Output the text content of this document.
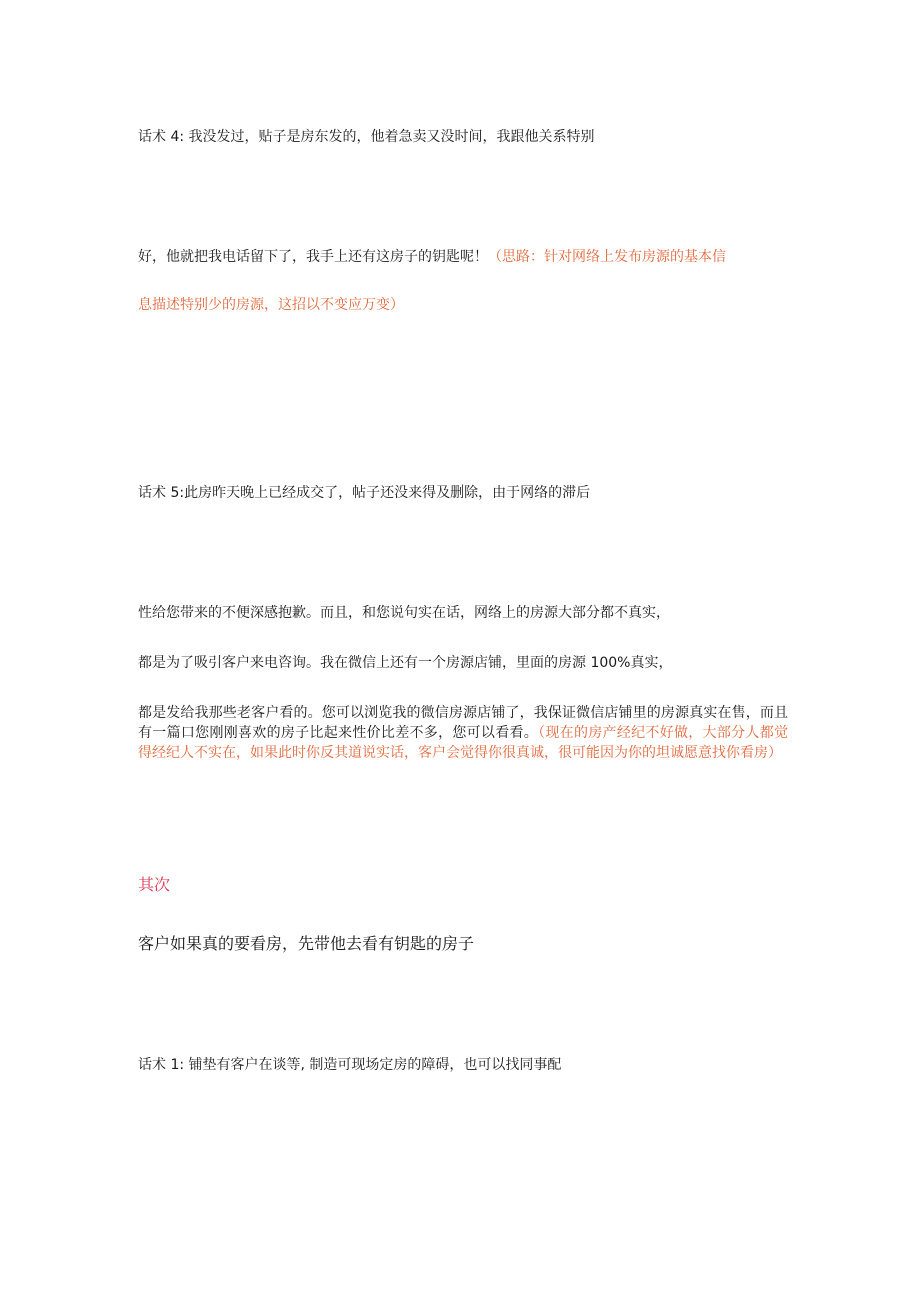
话术 4: 我没发过，贴子是房东发的，他着急卖又没时间，我跟他关系特别
好，他就把我电话留下了，我手上还有这房子的钥匙呢！（思路：针对网络上发布房源的基本信
息描述特别少的房源，这招以不变应万变）
话术 5:此房昨天晚上已经成交了，帖子还没来得及删除，由于网络的滞后
性给您带来的不便深感抱歉。而且，和您说句实在话，网络上的房源大部分都不真实，
都是为了吸引客户来电咨询。我在微信上还有一个房源店铺，里面的房源 100%真实，
都是发给我那些老客户看的。您可以浏览我的微信房源店铺了，我保证微信店铺里的房源真实在售，而且有一篇口您刚刚喜欢的房子比起来性价比差不多，您可以看看。（现在的房产经纪不好做，大部分人都觉得经纪人不实在，如果此时你反其道说实话，客户会觉得你很真诚，很可能因为你的坦诚愿意找你看房）
其次
客户如果真的要看房，先带他去看有钥匙的房子
话术 1: 铺垫有客户在谈等, 制造可现场定房的障碍，也可以找同事配
